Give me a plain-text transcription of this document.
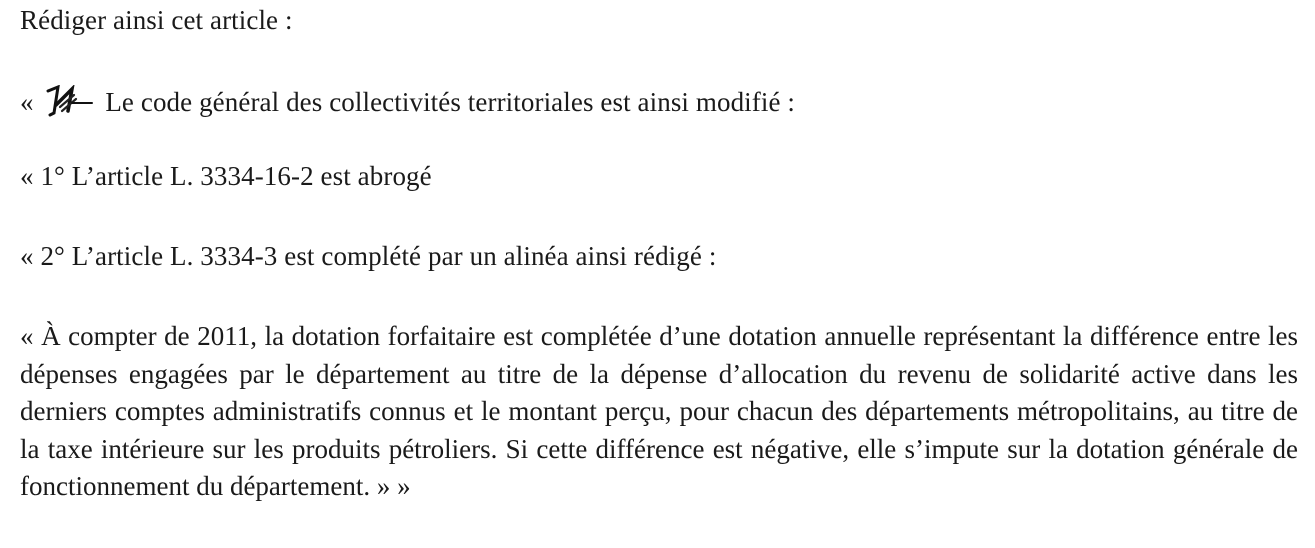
Rédiger ainsi cet article :
«	Le code général des collectivités territoriales est ainsi modifié :
« 1° L’article L. 3334-16-2 est abrogé
« 2° L’article L. 3334-3 est complété par un alinéa ainsi rédigé :
« À compter de 2011, la dotation forfaitaire est complétée d’une dotation annuelle représentant la différence entre les dépenses engagées par le département au titre de la dépense d’allocation du revenu de solidarité active dans les derniers comptes administratifs connus et le montant perçu, pour chacun des départements métropolitains, au titre de la taxe intérieure sur les produits pétroliers. Si cette différence est négative, elle s’impute sur la dotation générale de fonctionnement du département. » »
